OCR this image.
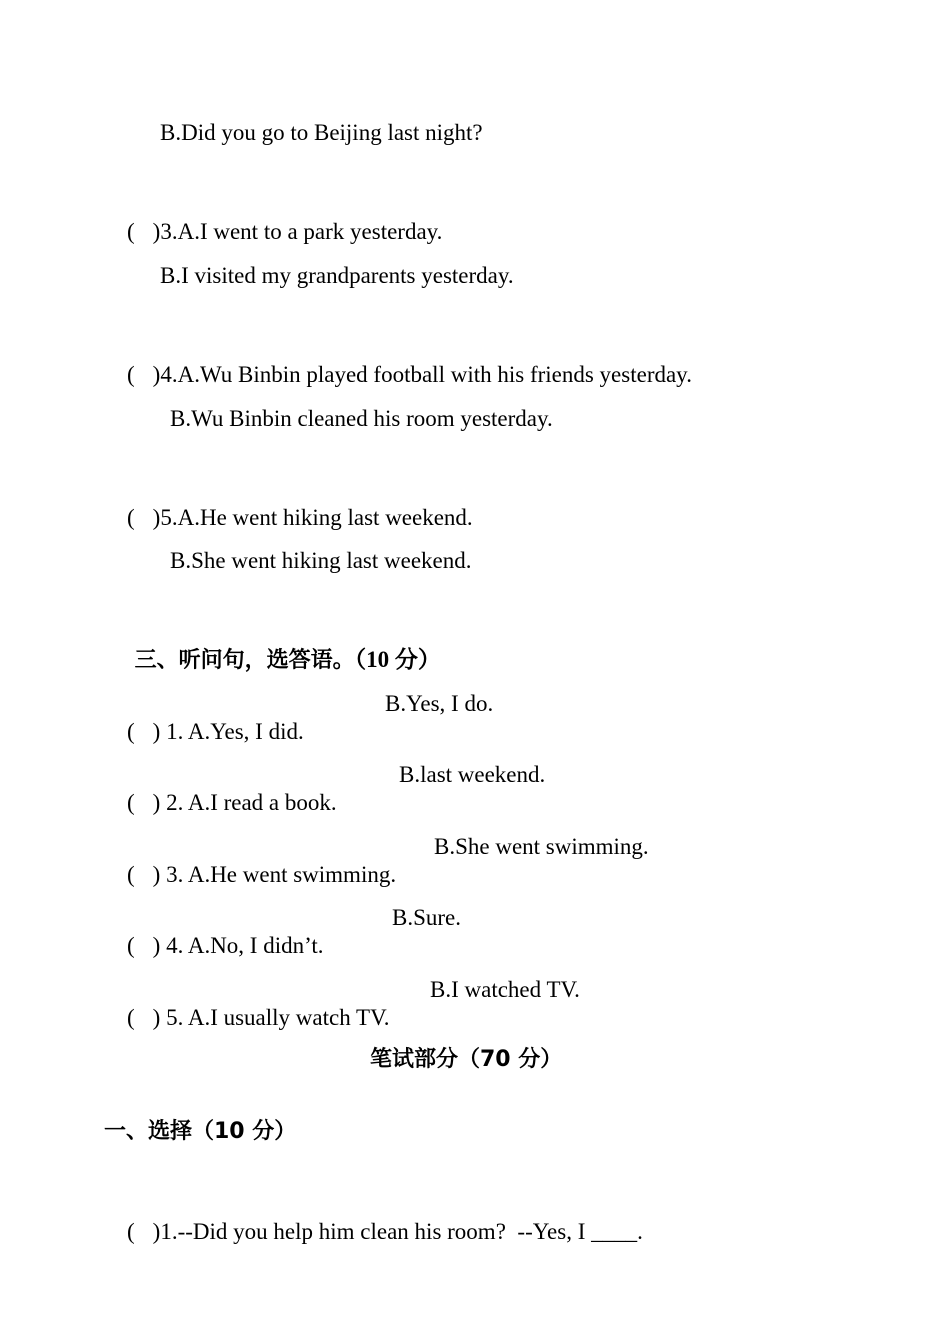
B.Did you go to Beijing last night?

( )3.A.I went to a park yesterday.

B.I visited my grandparents yesterday.

( )4.A.Wu Binbin played football with his friends yesterday.

B.Wu Binbin cleaned his room yesterday.

( )5.A.He went hiking last weekend.

B.She went hiking last weekend.

三、听问句，选答语。（10 分）

( ) 1. A.Yes, I did.

B.Yes, I do.

( ) 2. A.I read a book.

B.last weekend.

( ) 3. A.He went swimming.

B.She went swimming.

( ) 4. A.No, I didn’t.

B.Sure.

( ) 5. A.I usually watch TV.

B.I watched TV.
笔试部分（70 分）
一、选择（10 分）

( )1.--Did you help him clean his room?  --Yes, I ____.
